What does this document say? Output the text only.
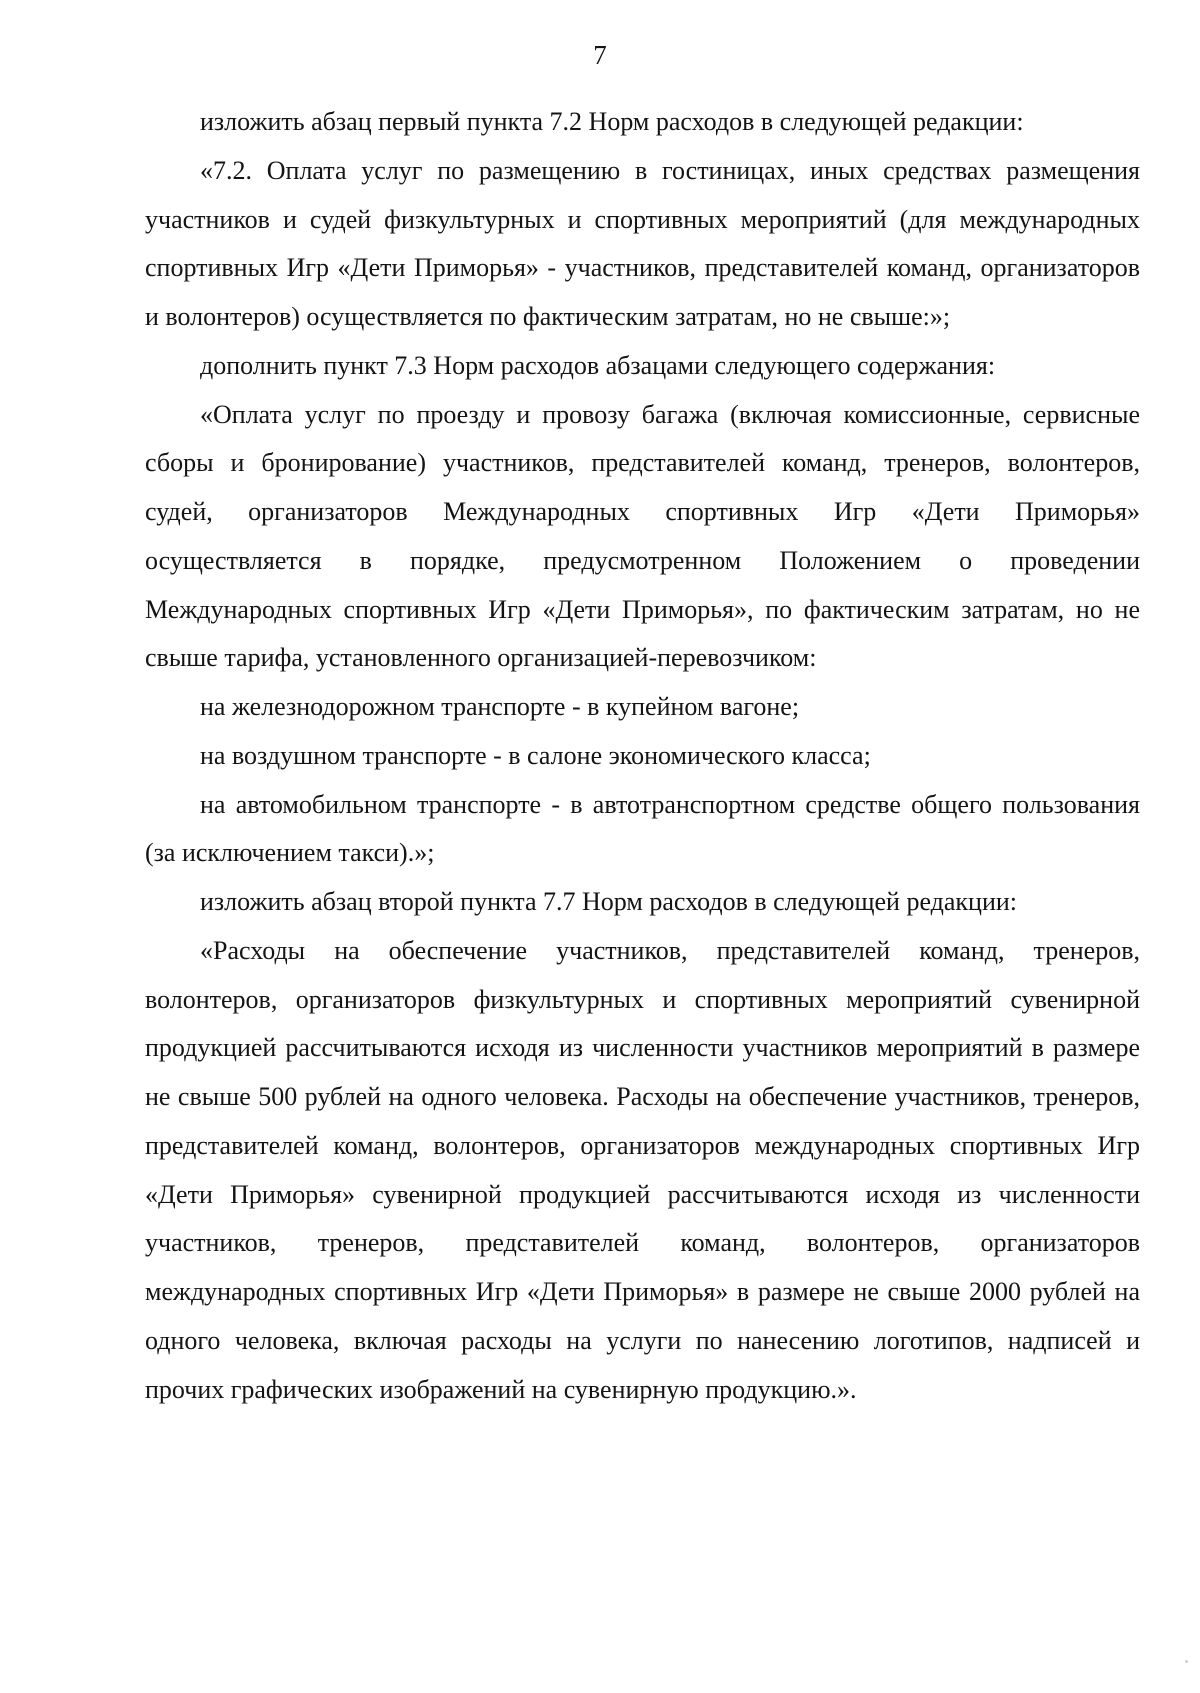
7

изложить абзац первый пункта 7.2 Норм расходов в следующей редакции:

«7.2. Оплата услуг по размещению в гостиницах, иных средствах размещения участников и судей физкультурных и спортивных мероприятий (для международных спортивных Игр «Дети Приморья» - участников, представителей команд, организаторов и волонтеров) осуществляется по фактическим затратам, но не свыше:»;

дополнить пункт 7.3 Норм расходов абзацами следующего содержания:

«Оплата услуг по проезду и провозу багажа (включая комиссионные, сервисные сборы и бронирование) участников, представителей команд, тренеров, волонтеров, судей, организаторов Международных спортивных Игр «Дети Приморья» осуществляется в порядке, предусмотренном Положением о проведении Международных спортивных Игр «Дети Приморья», по фактическим затратам, но не свыше тарифа, установленного организацией-перевозчиком:

на железнодорожном транспорте - в купейном вагоне;

на воздушном транспорте - в салоне экономического класса;

на автомобильном транспорте - в автотранспортном средстве общего пользования (за исключением такси).»;

изложить абзац второй пункта 7.7 Норм расходов в следующей редакции:

«Расходы на обеспечение участников, представителей команд, тренеров, волонтеров, организаторов физкультурных и спортивных мероприятий сувенирной продукцией рассчитываются исходя из численности участников мероприятий в размере не свыше 500 рублей на одного человека. Расходы на обеспечение участников, тренеров, представителей команд, волонтеров, организаторов международных спортивных Игр «Дети Приморья» сувенирной продукцией рассчитываются исходя из численности участников, тренеров, представителей команд, волонтеров, организаторов международных спортивных Игр «Дети Приморья» в размере не свыше 2000 рублей на одного человека, включая расходы на услуги по нанесению логотипов, надписей и прочих графических изображений на сувенирную продукцию.».
